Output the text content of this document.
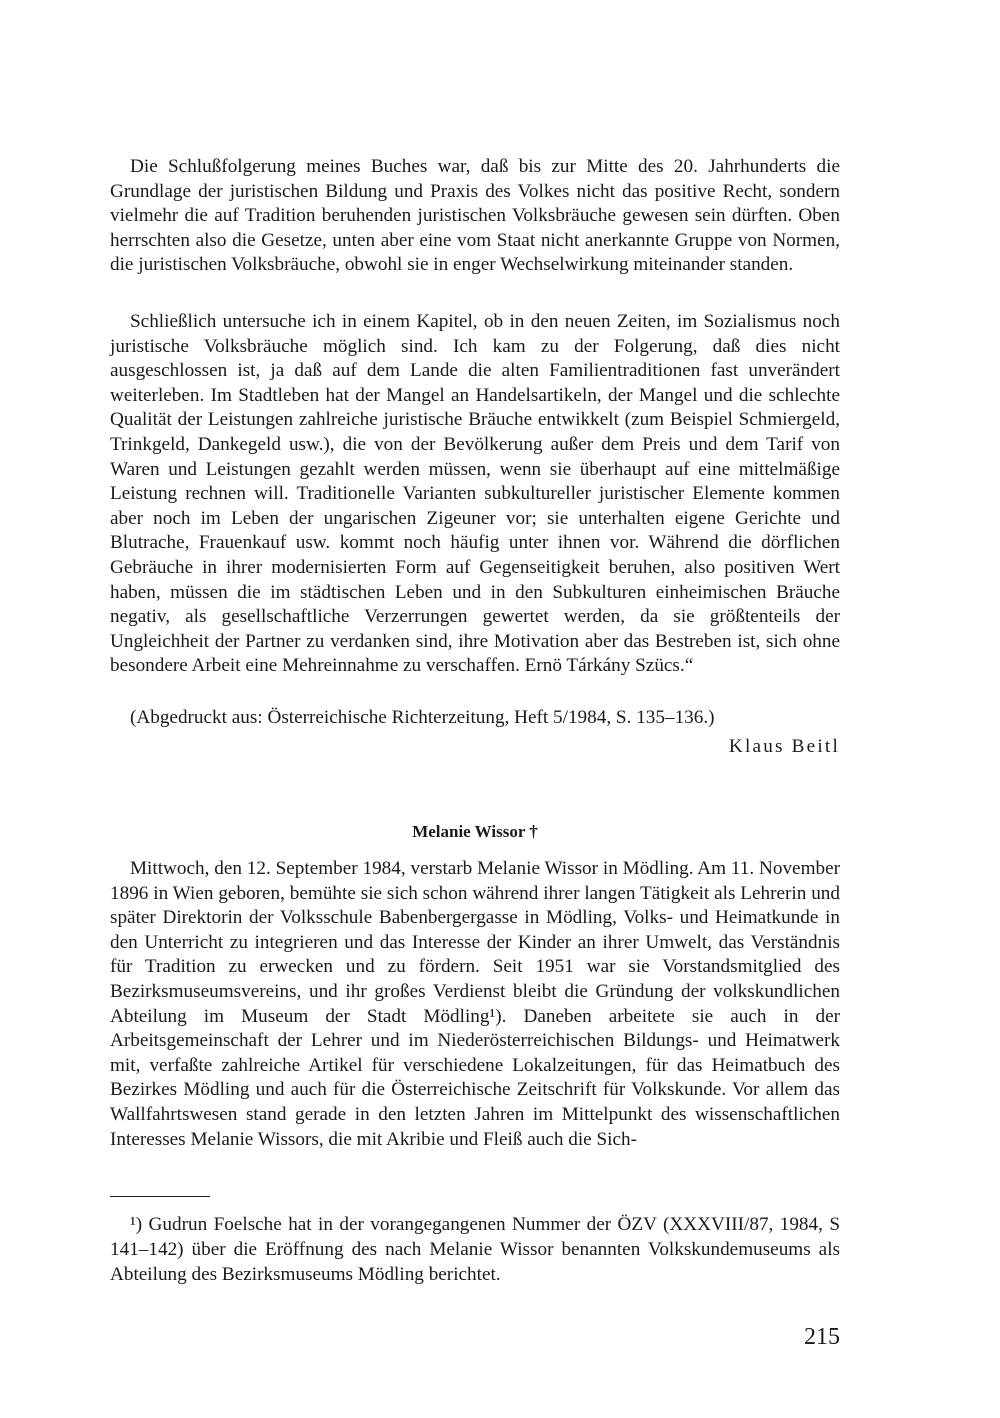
Die Schlußfolgerung meines Buches war, daß bis zur Mitte des 20. Jahrhunderts die Grundlage der juristischen Bildung und Praxis des Volkes nicht das positive Recht, sondern vielmehr die auf Tradition beruhenden juristischen Volksbräuche gewesen sein dürften. Oben herrschten also die Gesetze, unten aber eine vom Staat nicht anerkannte Gruppe von Normen, die juristischen Volksbräuche, obwohl sie in enger Wechselwirkung miteinander standen.

Schließlich untersuche ich in einem Kapitel, ob in den neuen Zeiten, im Sozialismus noch juristische Volksbräuche möglich sind. Ich kam zu der Folgerung, daß dies nicht ausgeschlossen ist, ja daß auf dem Lande die alten Familientraditionen fast unverändert weiterleben. Im Stadtleben hat der Mangel an Handelsartikeln, der Mangel und die schlechte Qualität der Leistungen zahlreiche juristische Bräuche entwikkelt (zum Beispiel Schmiergeld, Trinkgeld, Dankegeld usw.), die von der Bevölkerung außer dem Preis und dem Tarif von Waren und Leistungen gezahlt werden müssen, wenn sie überhaupt auf eine mittelmäßige Leistung rechnen will. Traditionelle Varianten subkultureller juristischer Elemente kommen aber noch im Leben der ungarischen Zigeuner vor; sie unterhalten eigene Gerichte und Blutrache, Frauenkauf usw. kommt noch häufig unter ihnen vor. Während die dörflichen Gebräuche in ihrer modernisierten Form auf Gegenseitigkeit beruhen, also positiven Wert haben, müssen die im städtischen Leben und in den Subkulturen einheimischen Bräuche negativ, als gesellschaftliche Verzerrungen gewertet werden, da sie größtenteils der Ungleichheit der Partner zu verdanken sind, ihre Motivation aber das Bestreben ist, sich ohne besondere Arbeit eine Mehreinnahme zu verschaffen. Ernö Tárkány Szücs.“

(Abgedruckt aus: Österreichische Richterzeitung, Heft 5/1984, S. 135–136.)

Klaus Beitl
Melanie Wissor †

Mittwoch, den 12. September 1984, verstarb Melanie Wissor in Mödling. Am 11. November 1896 in Wien geboren, bemühte sie sich schon während ihrer langen Tätigkeit als Lehrerin und später Direktorin der Volksschule Babenbergergasse in Mödling, Volks- und Heimatkunde in den Unterricht zu integrieren und das Interesse der Kinder an ihrer Umwelt, das Verständnis für Tradition zu erwecken und zu fördern. Seit 1951 war sie Vorstandsmitglied des Bezirksmuseumsvereins, und ihr großes Verdienst bleibt die Gründung der volkskundlichen Abteilung im Museum der Stadt Mödling¹). Daneben arbeitete sie auch in der Arbeitsgemeinschaft der Lehrer und im Niederösterreichischen Bildungs- und Heimatwerk mit, verfaßte zahlreiche Artikel für verschiedene Lokalzeitungen, für das Heimatbuch des Bezirkes Mödling und auch für die Österreichische Zeitschrift für Volkskunde. Vor allem das Wallfahrtswesen stand gerade in den letzten Jahren im Mittelpunkt des wissenschaftlichen Interesses Melanie Wissors, die mit Akribie und Fleiß auch die Sich-

¹) Gudrun Foelsche hat in der vorangegangenen Nummer der ÖZV (XXXVIII/87, 1984, S 141–142) über die Eröffnung des nach Melanie Wissor benannten Volkskundemuseums als Abteilung des Bezirksmuseums Mödling berichtet.

215
